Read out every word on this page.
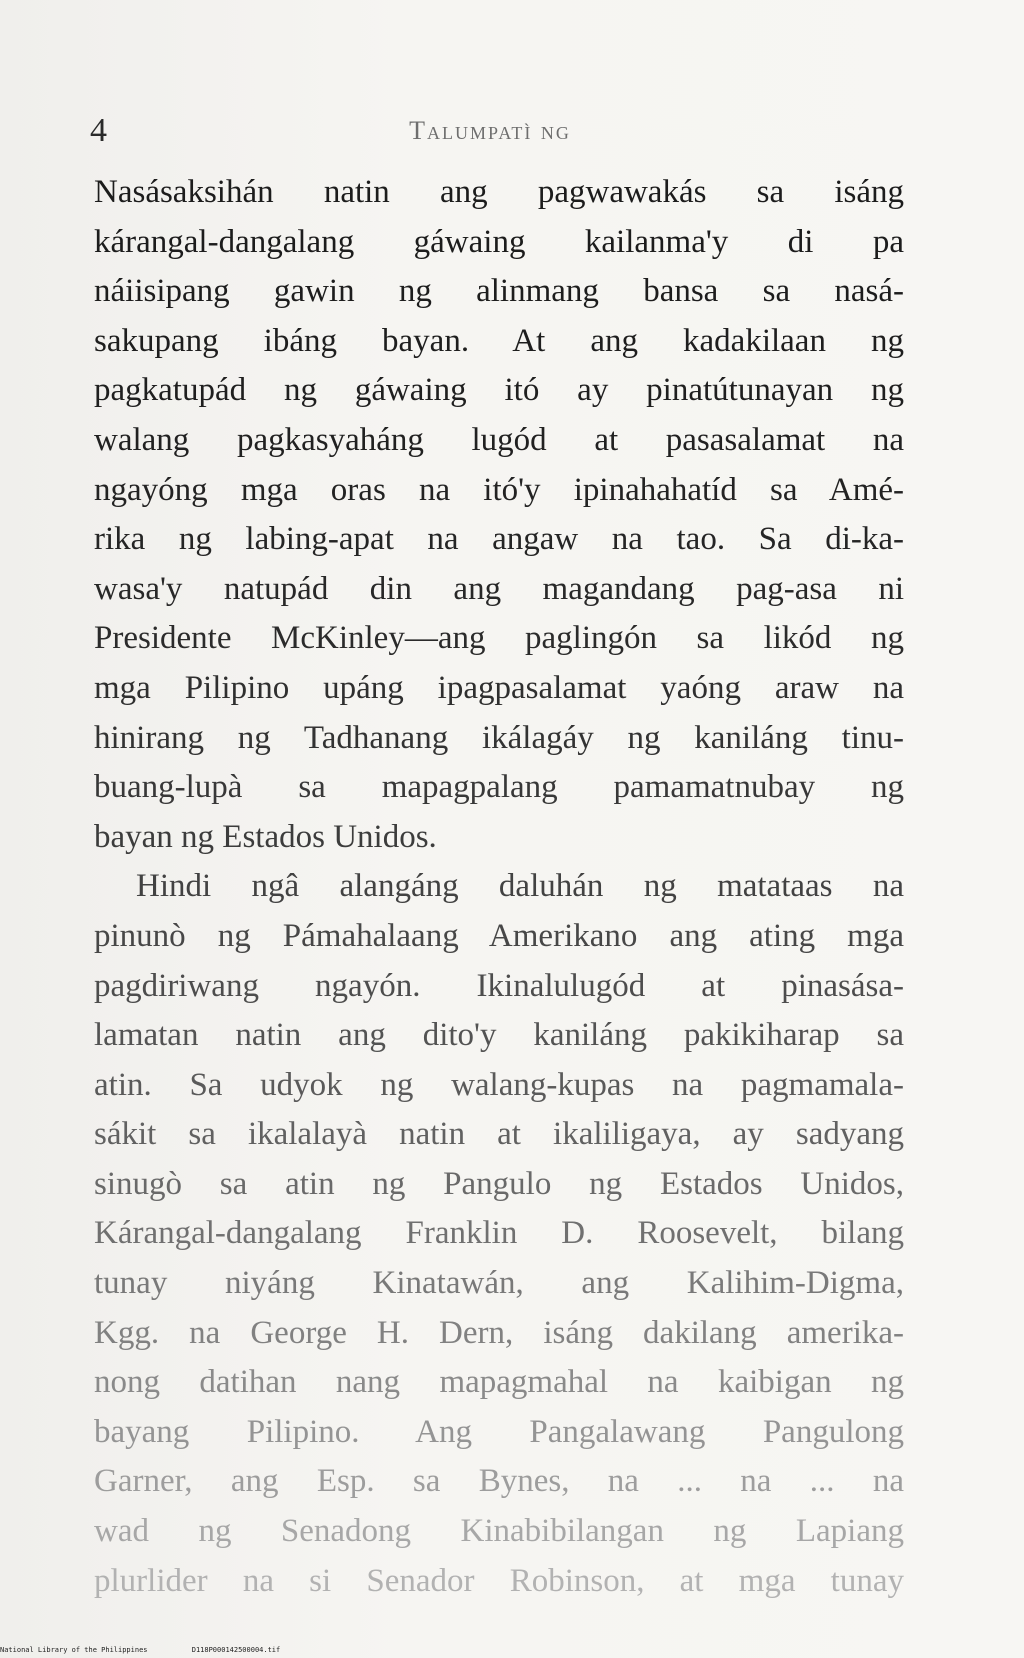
4	Talumpatì ng
Nasásaksihán natin ang pagwawakás sa isáng
kárangal-dangalang gáwaing kailanma'y di pa
náiisipang gawin ng alinmang bansa sa nasá-
sakupang ibáng bayan. At ang kadakilaan ng
pagkatupád ng gáwaing itó ay pinatútunayan ng
walang pagkasyaháng lugód at pasasalamat na
ngayóng mga oras na itó'y ipinahahatíd sa Amé-
rika ng labing-apat na angaw na tao. Sa di-ka-
wasa'y natupád din ang magandang pag-asa ni
Presidente McKinley—ang paglingón sa likód ng
mga Pilipino upáng ipagpasalamat yaóng araw na
hinirang ng Tadhanang ikálagáy ng kaniláng tinu-
buang-lupà sa mapagpalang pamamatnubay ng
bayan ng Estados Unidos.
Hindi ngâ alangáng daluhán ng matataas na
pinunò ng Pámahalaang Amerikano ang ating mga
pagdiriwang ngayón. Ikinalulugód at pinasása-
lamatan natin ang dito'y kaniláng pakikiharap sa
atin. Sa udyok ng walang-kupas na pagmamala-
sákit sa ikalalayà natin at ikaliligaya, ay sadyang
sinugò sa atin ng Pangulo ng Estados Unidos,
Kárangal-dangalang Franklin D. Roosevelt, bilang
tunay niyáng Kinatawán, ang Kalihim-Digma,
Kgg. na George H. Dern, isáng dakilang amerika-
nong datihan nang mapagmahal na kaibigan ng
bayang Pilipino. Ang Pangalawang Pangulong
Garner, ang Esp. sa Bynes, na ... na ... na
wad ng Senadong Kinabibilangan ng Lapiang
plurlider na si Senador Robinson, at mga tunay
National Library of the Philippines	D118P000142500004.tif
